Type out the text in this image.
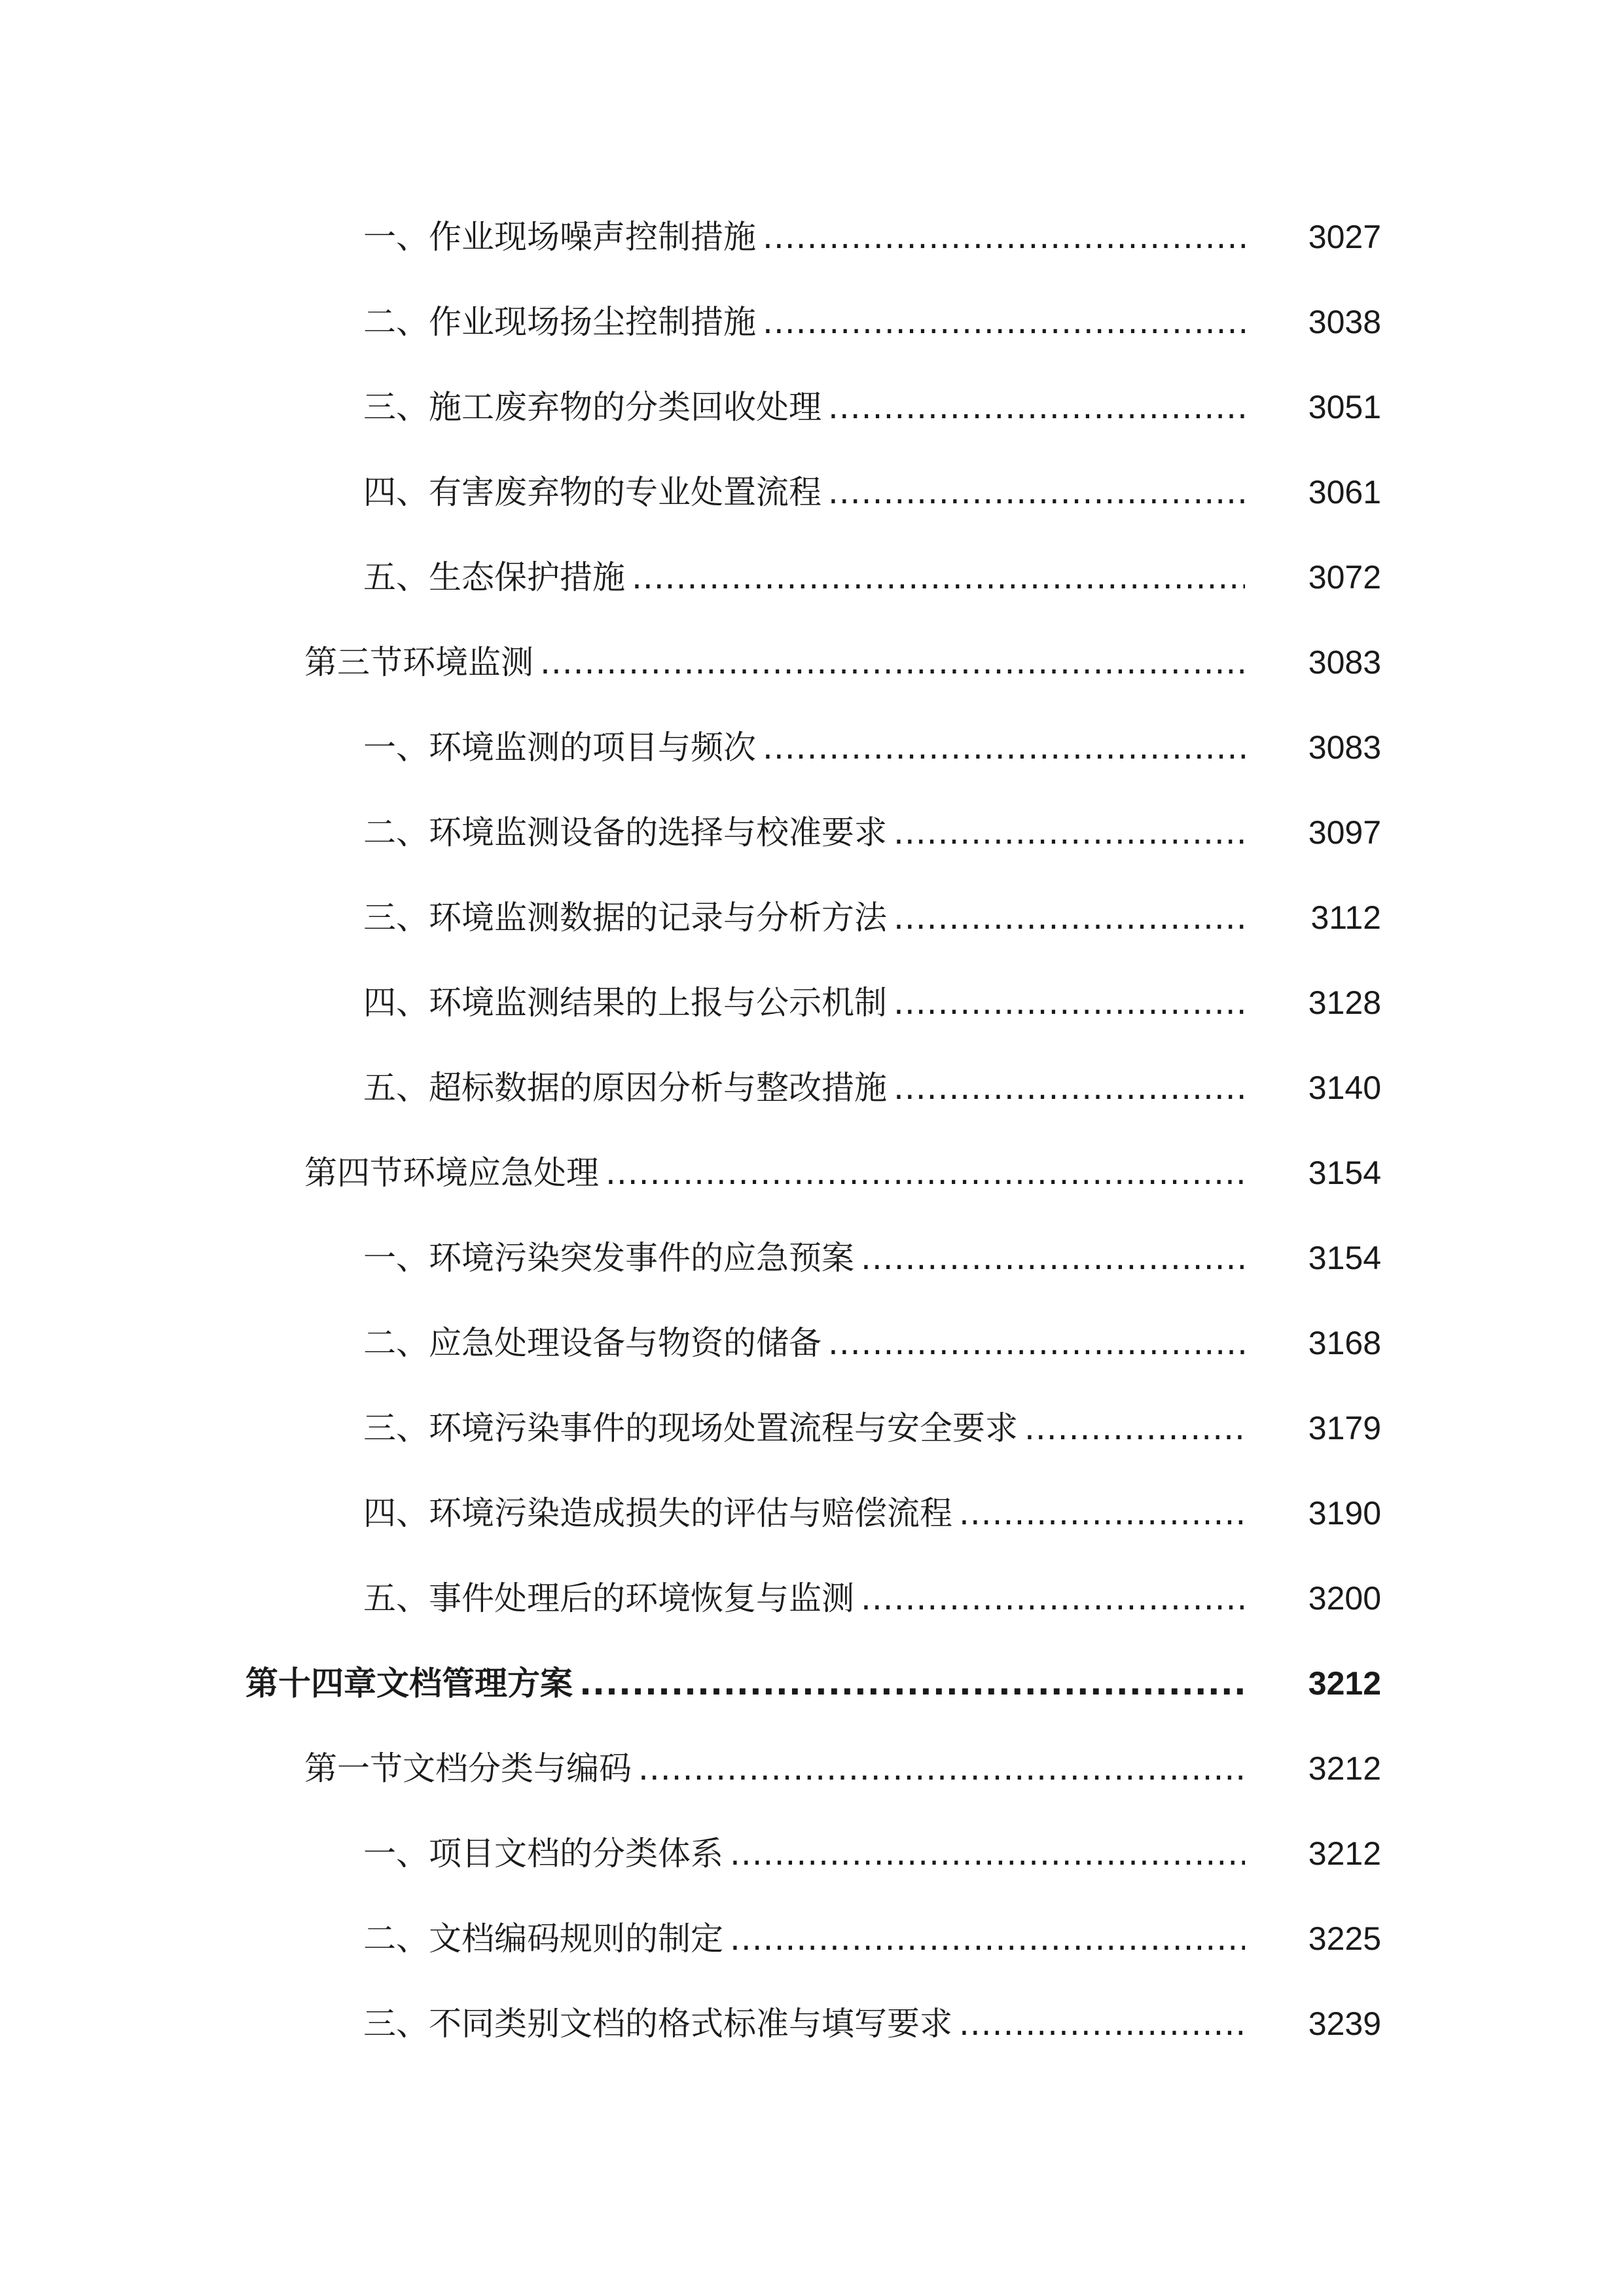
一、作业现场噪声控制措施 .....	3027
二、作业现场扬尘控制措施 .....	3038
三、施工废弃物的分类回收处理 .....	3051
四、有害废弃物的专业处置流程 .....	3061
五、生态保护措施 .....	3072
第三节环境监测 .....	3083
一、环境监测的项目与频次 .....	3083
二、环境监测设备的选择与校准要求 .....	3097
三、环境监测数据的记录与分析方法 .....	3112
四、环境监测结果的上报与公示机制 .....	3128
五、超标数据的原因分析与整改措施 .....	3140
第四节环境应急处理 .....	3154
一、环境污染突发事件的应急预案 .....	3154
二、应急处理设备与物资的储备 .....	3168
三、环境污染事件的现场处置流程与安全要求 .....	3179
四、环境污染造成损失的评估与赔偿流程 .....	3190
五、事件处理后的环境恢复与监测 .....	3200
第十四章文档管理方案 .....	3212
第一节文档分类与编码 .....	3212
一、项目文档的分类体系 .....	3212
二、文档编码规则的制定 .....	3225
三、不同类别文档的格式标准与填写要求 .....	3239
